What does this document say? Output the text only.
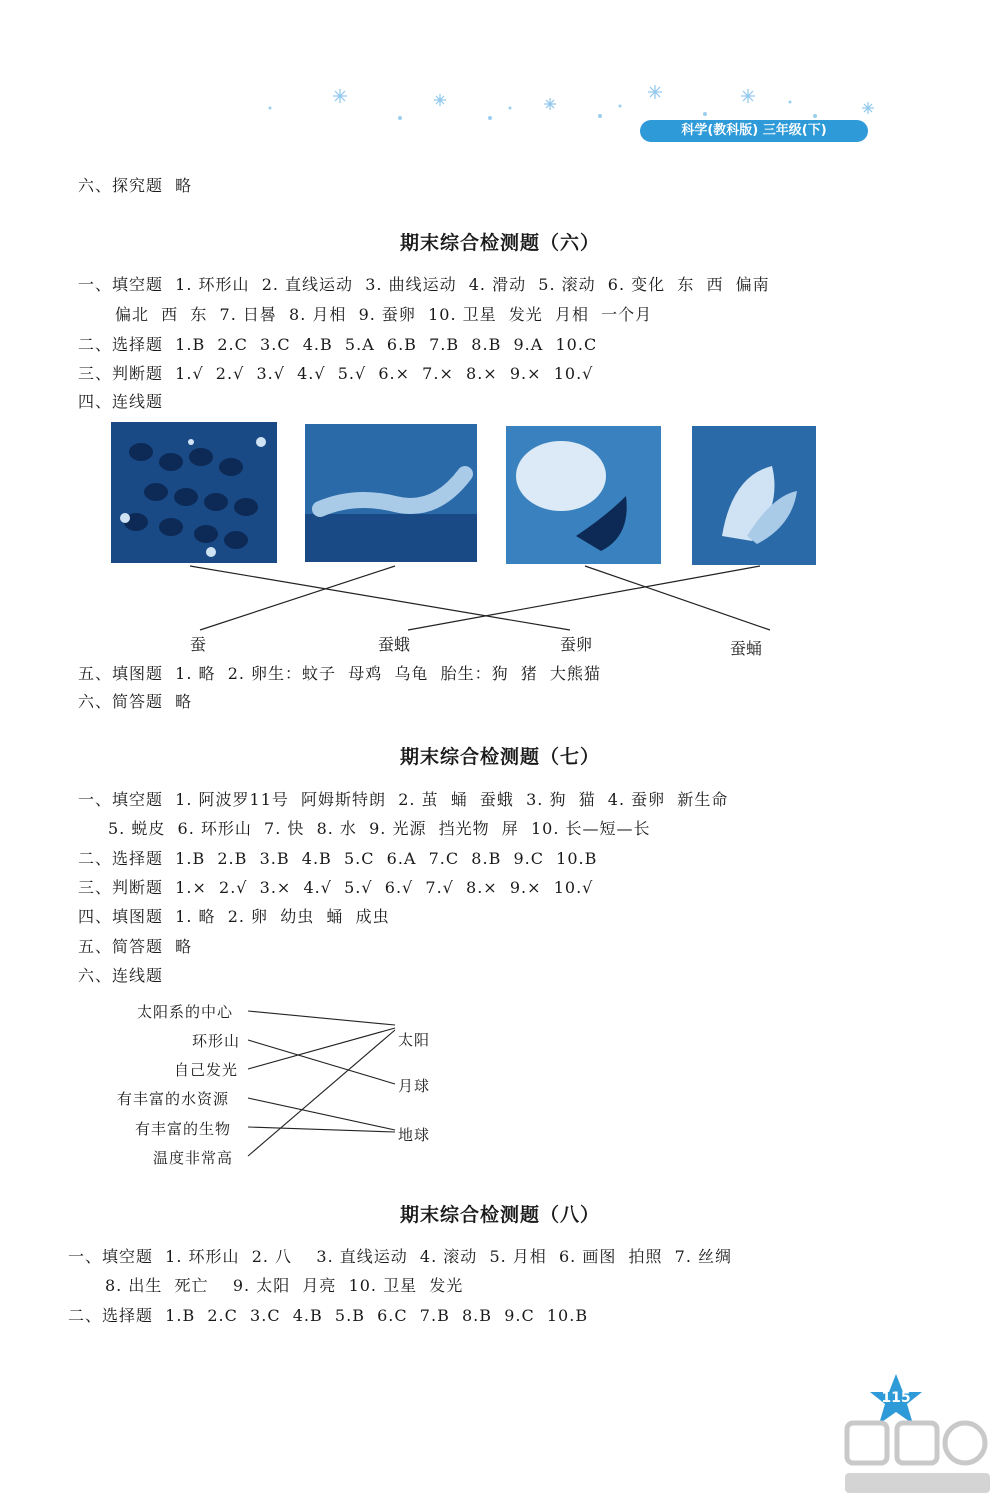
科学(教科版) 三年级(下)
六、探究题  略
期末综合检测题（六）
一、填空题  1. 环形山  2. 直线运动  3. 曲线运动  4. 滑动  5. 滚动  6. 变化  东  西  偏南
偏北  西  东  7. 日晷  8. 月相  9. 蚕卵  10. 卫星  发光  月相  一个月
二、选择题  1.B  2.C  3.C  4.B  5.A  6.B  7.B  8.B  9.A  10.C
三、判断题  1.√  2.√  3.√  4.√  5.√  6.×  7.×  8.×  9.×  10.√
四、连线题
蚕	蚕蛾	蚕卵	蚕蛹
五、填图题  1. 略  2. 卵生：蚊子  母鸡  乌龟  胎生：狗  猪  大熊猫
六、简答题  略
期末综合检测题（七）
一、填空题  1. 阿波罗11号  阿姆斯特朗  2. 茧  蛹  蚕蛾  3. 狗  猫  4. 蚕卵  新生命
5. 蜕皮  6. 环形山  7. 快  8. 水  9. 光源  挡光物  屏  10. 长—短—长
二、选择题  1.B  2.B  3.B  4.B  5.C  6.A  7.C  8.B  9.C  10.B
三、判断题  1.×  2.√  3.×  4.√  5.√  6.√  7.√  8.×  9.×  10.√
四、填图题  1. 略  2. 卵  幼虫  蛹  成虫
五、简答题  略
六、连线题
太阳系的中心
环形山
自己发光
有丰富的水资源
有丰富的生物
温度非常高
太阳
月球
地球
期末综合检测题（八）
一、填空题  1. 环形山  2. 八    3. 直线运动  4. 滚动  5. 月相  6. 画图  拍照  7. 丝绸
8. 出生  死亡    9. 太阳  月亮  10. 卫星  发光
二、选择题  1.B  2.C  3.C  4.B  5.B  6.C  7.B  8.B  9.C  10.B
115
